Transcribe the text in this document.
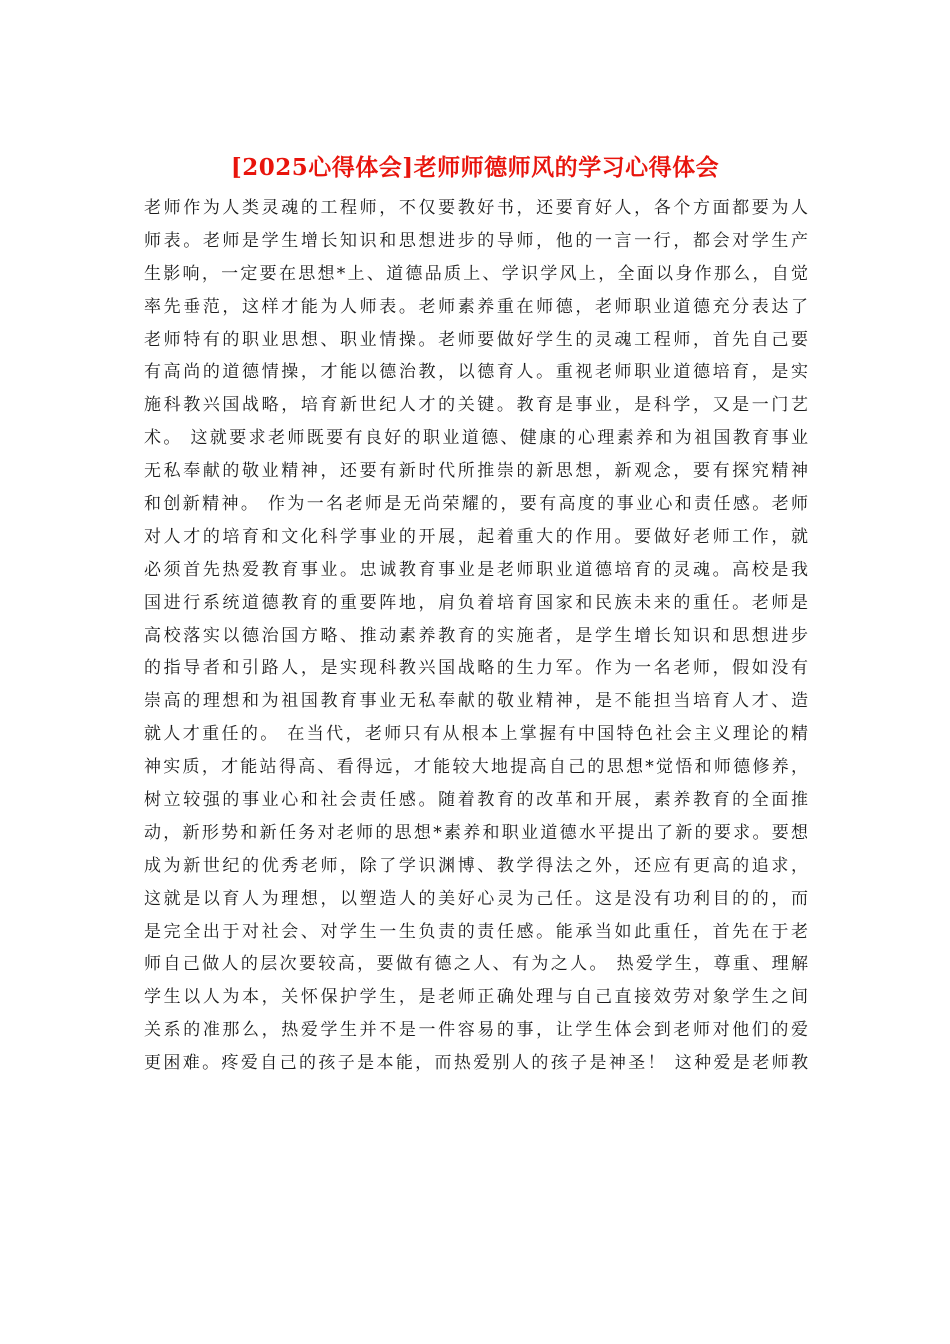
[2025心得体会]老师师德师风的学习心得体会
老师作为人类灵魂的工程师，不仅要教好书，还要育好人，各个方面都要为人
师表。老师是学生增长知识和思想进步的导师，他的一言一行，都会对学生产
生影响，一定要在思想*上、道德品质上、学识学风上，全面以身作那么，自觉
率先垂范，这样才能为人师表。老师素养重在师德，老师职业道德充分表达了
老师特有的职业思想、职业情操。老师要做好学生的灵魂工程师，首先自己要
有高尚的道德情操，才能以德治教，以德育人。重视老师职业道德培育，是实
施科教兴国战略，培育新世纪人才的关键。教育是事业，是科学，又是一门艺
术。 这就要求老师既要有良好的职业道德、健康的心理素养和为祖国教育事业
无私奉献的敬业精神，还要有新时代所推崇的新思想，新观念，要有探究精神
和创新精神。 作为一名老师是无尚荣耀的，要有高度的事业心和责任感。老师
对人才的培育和文化科学事业的开展，起着重大的作用。要做好老师工作，就
必须首先热爱教育事业。忠诚教育事业是老师职业道德培育的灵魂。高校是我
国进行系统道德教育的重要阵地，肩负着培育国家和民族未来的重任。老师是
高校落实以德治国方略、推动素养教育的实施者，是学生增长知识和思想进步
的指导者和引路人，是实现科教兴国战略的生力军。作为一名老师，假如没有
崇高的理想和为祖国教育事业无私奉献的敬业精神，是不能担当培育人才、造
就人才重任的。 在当代，老师只有从根本上掌握有中国特色社会主义理论的精
神实质，才能站得高、看得远，才能较大地提高自己的思想*觉悟和师德修养，
树立较强的事业心和社会责任感。随着教育的改革和开展，素养教育的全面推
动，新形势和新任务对老师的思想*素养和职业道德水平提出了新的要求。要想
成为新世纪的优秀老师，除了学识渊博、教学得法之外，还应有更高的追求，
这就是以育人为理想，以塑造人的美好心灵为己任。这是没有功利目的的，而
是完全出于对社会、对学生一生负责的责任感。能承当如此重任，首先在于老
师自己做人的层次要较高，要做有德之人、有为之人。 热爱学生，尊重、理解
学生以人为本，关怀保护学生，是老师正确处理与自己直接效劳对象学生之间
关系的准那么，热爱学生并不是一件容易的事，让学生体会到老师对他们的爱
更困难。疼爱自己的孩子是本能，而热爱别人的孩子是神圣！ 这种爱是老师教
